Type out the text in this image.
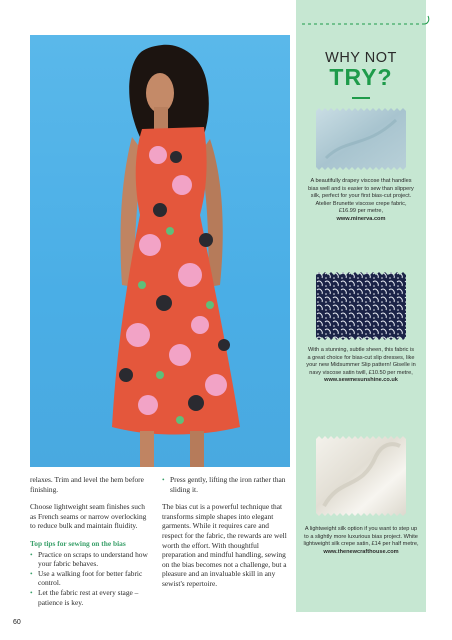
relaxes. Trim and level the hem before finishing.

Choose lightweight seam finishes such as French seams or narrow overlocking to reduce bulk and maintain fluidity.

Top tips for sewing on the bias
• Practice on scraps to understand how your fabric behaves.
• Use a walking foot for better fabric control.
• Let the fabric rest at every stage – patience is key.
• Press gently, lifting the iron rather than sliding it.

The bias cut is a powerful technique that transforms simple shapes into elegant garments. While it requires care and respect for the fabric, the rewards are well worth the effort. With thoughtful preparation and mindful handling, sewing on the bias becomes not a challenge, but a pleasure and an invaluable skill in any sewist's repertoire.

60
WHY NOT
TRY?
A beautifully drapey viscose that handles bias well and is easier to sew than slippery silk, perfect for your first bias-cut project. Atelier Brunette viscose crepe fabric, £16.99 per metre,
www.minerva.com
With a stunning, subtle sheen, this fabric is a great choice for bias-cut slip dresses, like your new Midsummer Slip pattern! Giselle in navy viscose satin twill, £10.50 per metre,
www.sewmesunshine.co.uk
A lightweight silk option if you want to step up to a slightly more luxurious bias project. White lightweight silk crepe satin, £14 per half metre,
www.thenewcrafthouse.com
